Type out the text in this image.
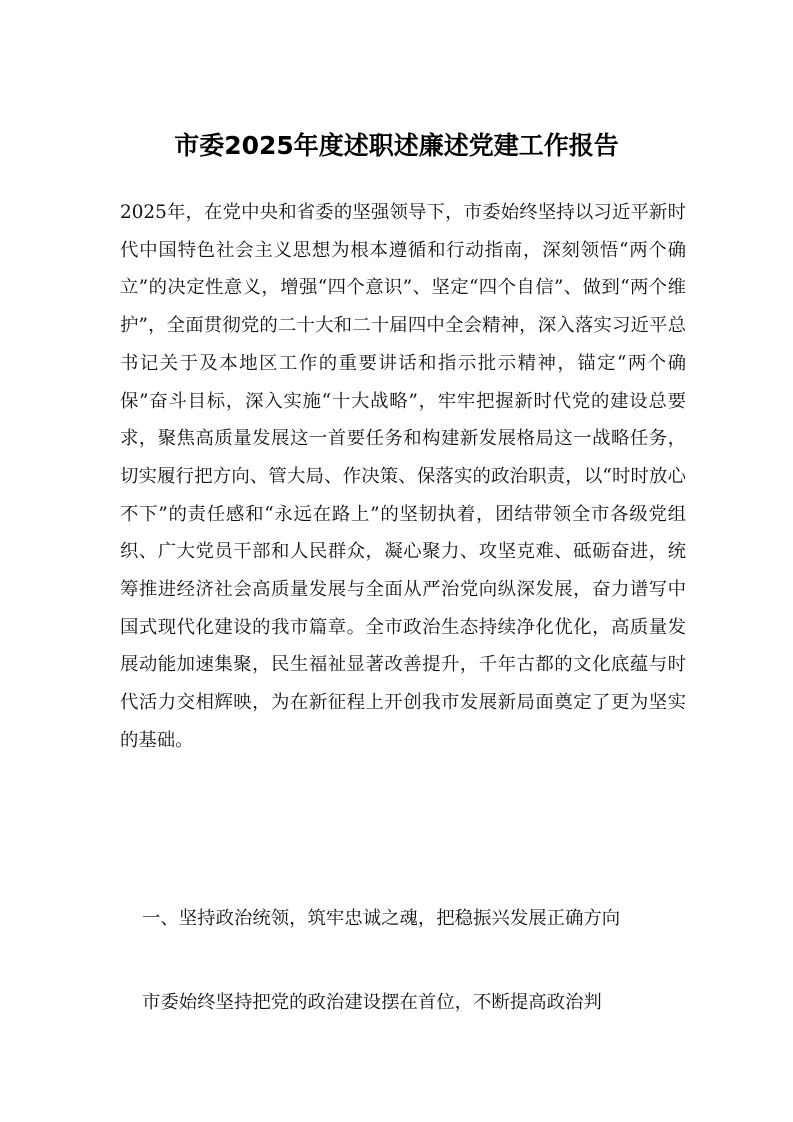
市委2025年度述职述廉述党建工作报告

2025年，在党中央和省委的坚强领导下，市委始终坚持以习近平新时代中国特色社会主义思想为根本遵循和行动指南，深刻领悟“两个确立”的决定性意义，增强“四个意识”、坚定“四个自信”、做到“两个维护”，全面贯彻党的二十大和二十届四中全会精神，深入落实习近平总书记关于及本地区工作的重要讲话和指示批示精神，锚定“两个确保”奋斗目标，深入实施“十大战略”，牢牢把握新时代党的建设总要求，聚焦高质量发展这一首要任务和构建新发展格局这一战略任务，切实履行把方向、管大局、作决策、保落实的政治职责，以“时时放心不下”的责任感和“永远在路上”的坚韧执着，团结带领全市各级党组织、广大党员干部和人民群众，凝心聚力、攻坚克难、砥砺奋进，统筹推进经济社会高质量发展与全面从严治党向纵深发展，奋力谱写中国式现代化建设的我市篇章。全市政治生态持续净化优化，高质量发展动能加速集聚，民生福祉显著改善提升，千年古都的文化底蕴与时代活力交相辉映，为在新征程上开创我市发展新局面奠定了更为坚实的基础。

一、坚持政治统领，筑牢忠诚之魂，把稳振兴发展正确方向

市委始终坚持把党的政治建设摆在首位，不断提高政治判
